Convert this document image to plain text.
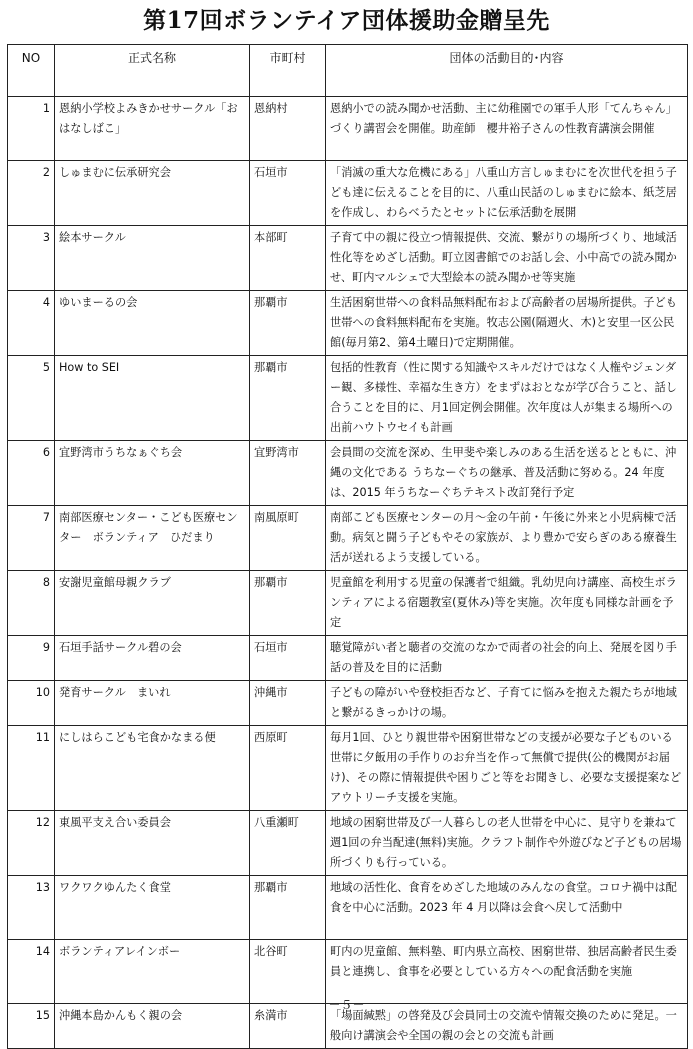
第17回ボランテイア団体援助金贈呈先
NO	正式名称	市町村	団体の活動目的･内容
1	恩納小学校よみきかせサークル「おはなしばこ」	恩納村	恩納小での読み聞かせ活動、主に幼稚園での軍手人形「てんちゃん」づくり講習会を開催。助産師　櫻井裕子さんの性教育講演会開催
2	しゅまむに伝承研究会	石垣市	「消滅の重大な危機にある」八重山方言しゅまむにを次世代を担う子ども達に伝えることを目的に、八重山民話のしゅまむに絵本、紙芝居を作成し、わらべうたとセットに伝承活動を展開
3	絵本サークル	本部町	子育て中の親に役立つ情報提供、交流、繋がりの場所づくり、地域活性化等をめざし活動。町立図書館でのお話し会、小中高での読み聞かせ、町内マルシェで大型絵本の読み聞かせ等実施
4	ゆいまーるの会	那覇市	生活困窮世帯への食料品無料配布および高齢者の居場所提供。子ども世帯への食料無料配布を実施。牧志公園(隔週火、木)と安里一区公民館(毎月第2、第4土曜日)で定期開催。
5	How to SEI	那覇市	包括的性教育（性に関する知識やスキルだけではなく人権やジェンダー観、多様性、幸福な生き方）をまずはおとなが学び合うこと、話し合うことを目的に、月1回定例会開催。次年度は人が集まる場所への出前ハウトウセイも計画
6	宜野湾市うちなぁぐち会	宜野湾市	会員間の交流を深め、生甲斐や楽しみのある生活を送るとともに、沖縄の文化である うちなーぐちの継承、普及活動に努める。24 年度は、2015 年うちなーぐちテキスト改訂発行予定
7	南部医療センター・こども医療センター　ボランティア　ひだまり	南風原町	南部こども医療センターの月～金の午前・午後に外来と小児病棟で活動。病気と闘う子どもやその家族が、より豊かで安らぎのある療養生活が送れるよう支援している。
8	安謝児童館母親クラブ	那覇市	児童館を利用する児童の保護者で組織。乳幼児向け講座、高校生ボランティアによる宿題教室(夏休み)等を実施。次年度も同様な計画を予定
9	石垣手話サークル碧の会	石垣市	聴覚障がい者と聴者の交流のなかで両者の社会的向上、発展を図り手話の普及を目的に活動
10	発育サークル　まいれ	沖縄市	子どもの障がいや登校拒否など、子育てに悩みを抱えた親たちが地域と繋がるきっかけの場。
11	にしはらこども宅食かなまる便	西原町	毎月1回、ひとり親世帯や困窮世帯などの支援が必要な子どものいる世帯に夕飯用の手作りのお弁当を作って無償で提供(公的機関がお届け)、その際に情報提供や困りごと等をお聞きし、必要な支援提案などアウトリーチ支援を実施。
12	東風平支え合い委員会	八重瀬町	地域の困窮世帯及び一人暮らしの老人世帯を中心に、見守りを兼ねて週1回の弁当配達(無料)実施。クラフト制作や外遊びなど子どもの居場所づくりも行っている。
13	ワクワクゆんたく食堂	那覇市	地域の活性化、食育をめざした地域のみんなの食堂。コロナ禍中は配食を中心に活動。2023 年 4 月以降は会食へ戻して活動中
14	ボランティアレインボー	北谷町	町内の児童館、無料塾、町内県立高校、困窮世帯、独居高齢者民生委員と連携し、食事を必要としている方々への配食活動を実施
15	沖縄本島かんもく親の会	糸満市	「場面緘黙」の啓発及び会員同士の交流や情報交換のために発足。一般向け講演会や全国の親の会との交流も計画
－５－
